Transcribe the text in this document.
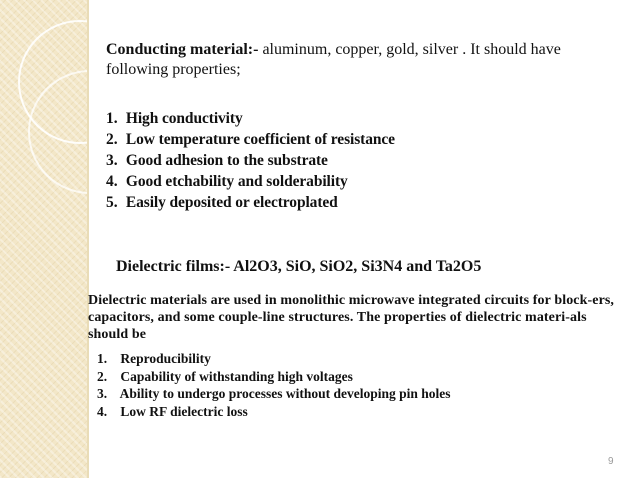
Conducting material:- aluminum, copper, gold, silver . It should have following properties;
1. High conductivity
2. Low temperature coefficient of resistance
3. Good adhesion to the substrate
4. Good etchability and solderability
5. Easily deposited or electroplated
Dielectric films:- Al2O3, SiO, SiO2, Si3N4 and Ta2O5
Dielectric materials are used in monolithic microwave integrated circuits for block-ers, capacitors, and some couple-line structures. The properties of dielectric materi-als should be
1. Reproducibility
2. Capability of withstanding high voltages
3. Ability to undergo processes without developing pin holes
4. Low RF dielectric loss
9
